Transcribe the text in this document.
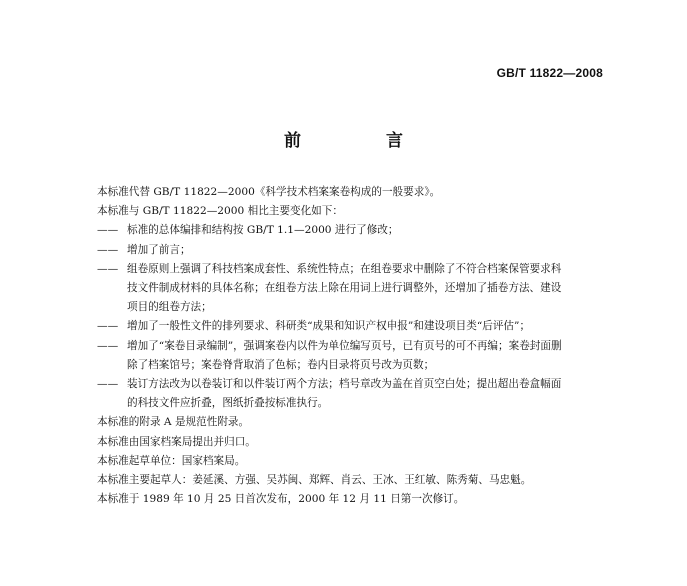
GB/T 11822—2008
前　言
本标准代替 GB/T 11822—2000《科学技术档案案卷构成的一般要求》。
本标准与 GB/T 11822—2000 相比主要变化如下：
—— 标准的总体编排和结构按 GB/T 1.1—2000 进行了修改；
—— 增加了前言；
—— 组卷原则上强调了科技档案成套性、系统性特点；在组卷要求中删除了不符合档案保管要求科
技文件制成材料的具体名称；在组卷方法上除在用词上进行调整外，还增加了插卷方法、建设
项目的组卷方法；
—— 增加了一般性文件的排列要求、科研类“成果和知识产权申报”和建设项目类“后评估”；
—— 增加了“案卷目录编制”，强调案卷内以件为单位编写页号，已有页号的可不再编；案卷封面删
除了档案馆号；案卷脊背取消了色标；卷内目录将页号改为页数；
—— 装订方法改为以卷装订和以件装订两个方法；档号章改为盖在首页空白处；提出超出卷盒幅面
的科技文件应折叠，图纸折叠按标准执行。
本标准的附录 A 是规范性附录。
本标准由国家档案局提出并归口。
本标准起草单位：国家档案局。
本标准主要起草人：姜延溪、方强、吴苏闽、郑辉、肖云、王冰、王红敏、陈秀菊、马忠魁。
本标准于 1989 年 10 月 25 日首次发布，2000 年 12 月 11 日第一次修订。
